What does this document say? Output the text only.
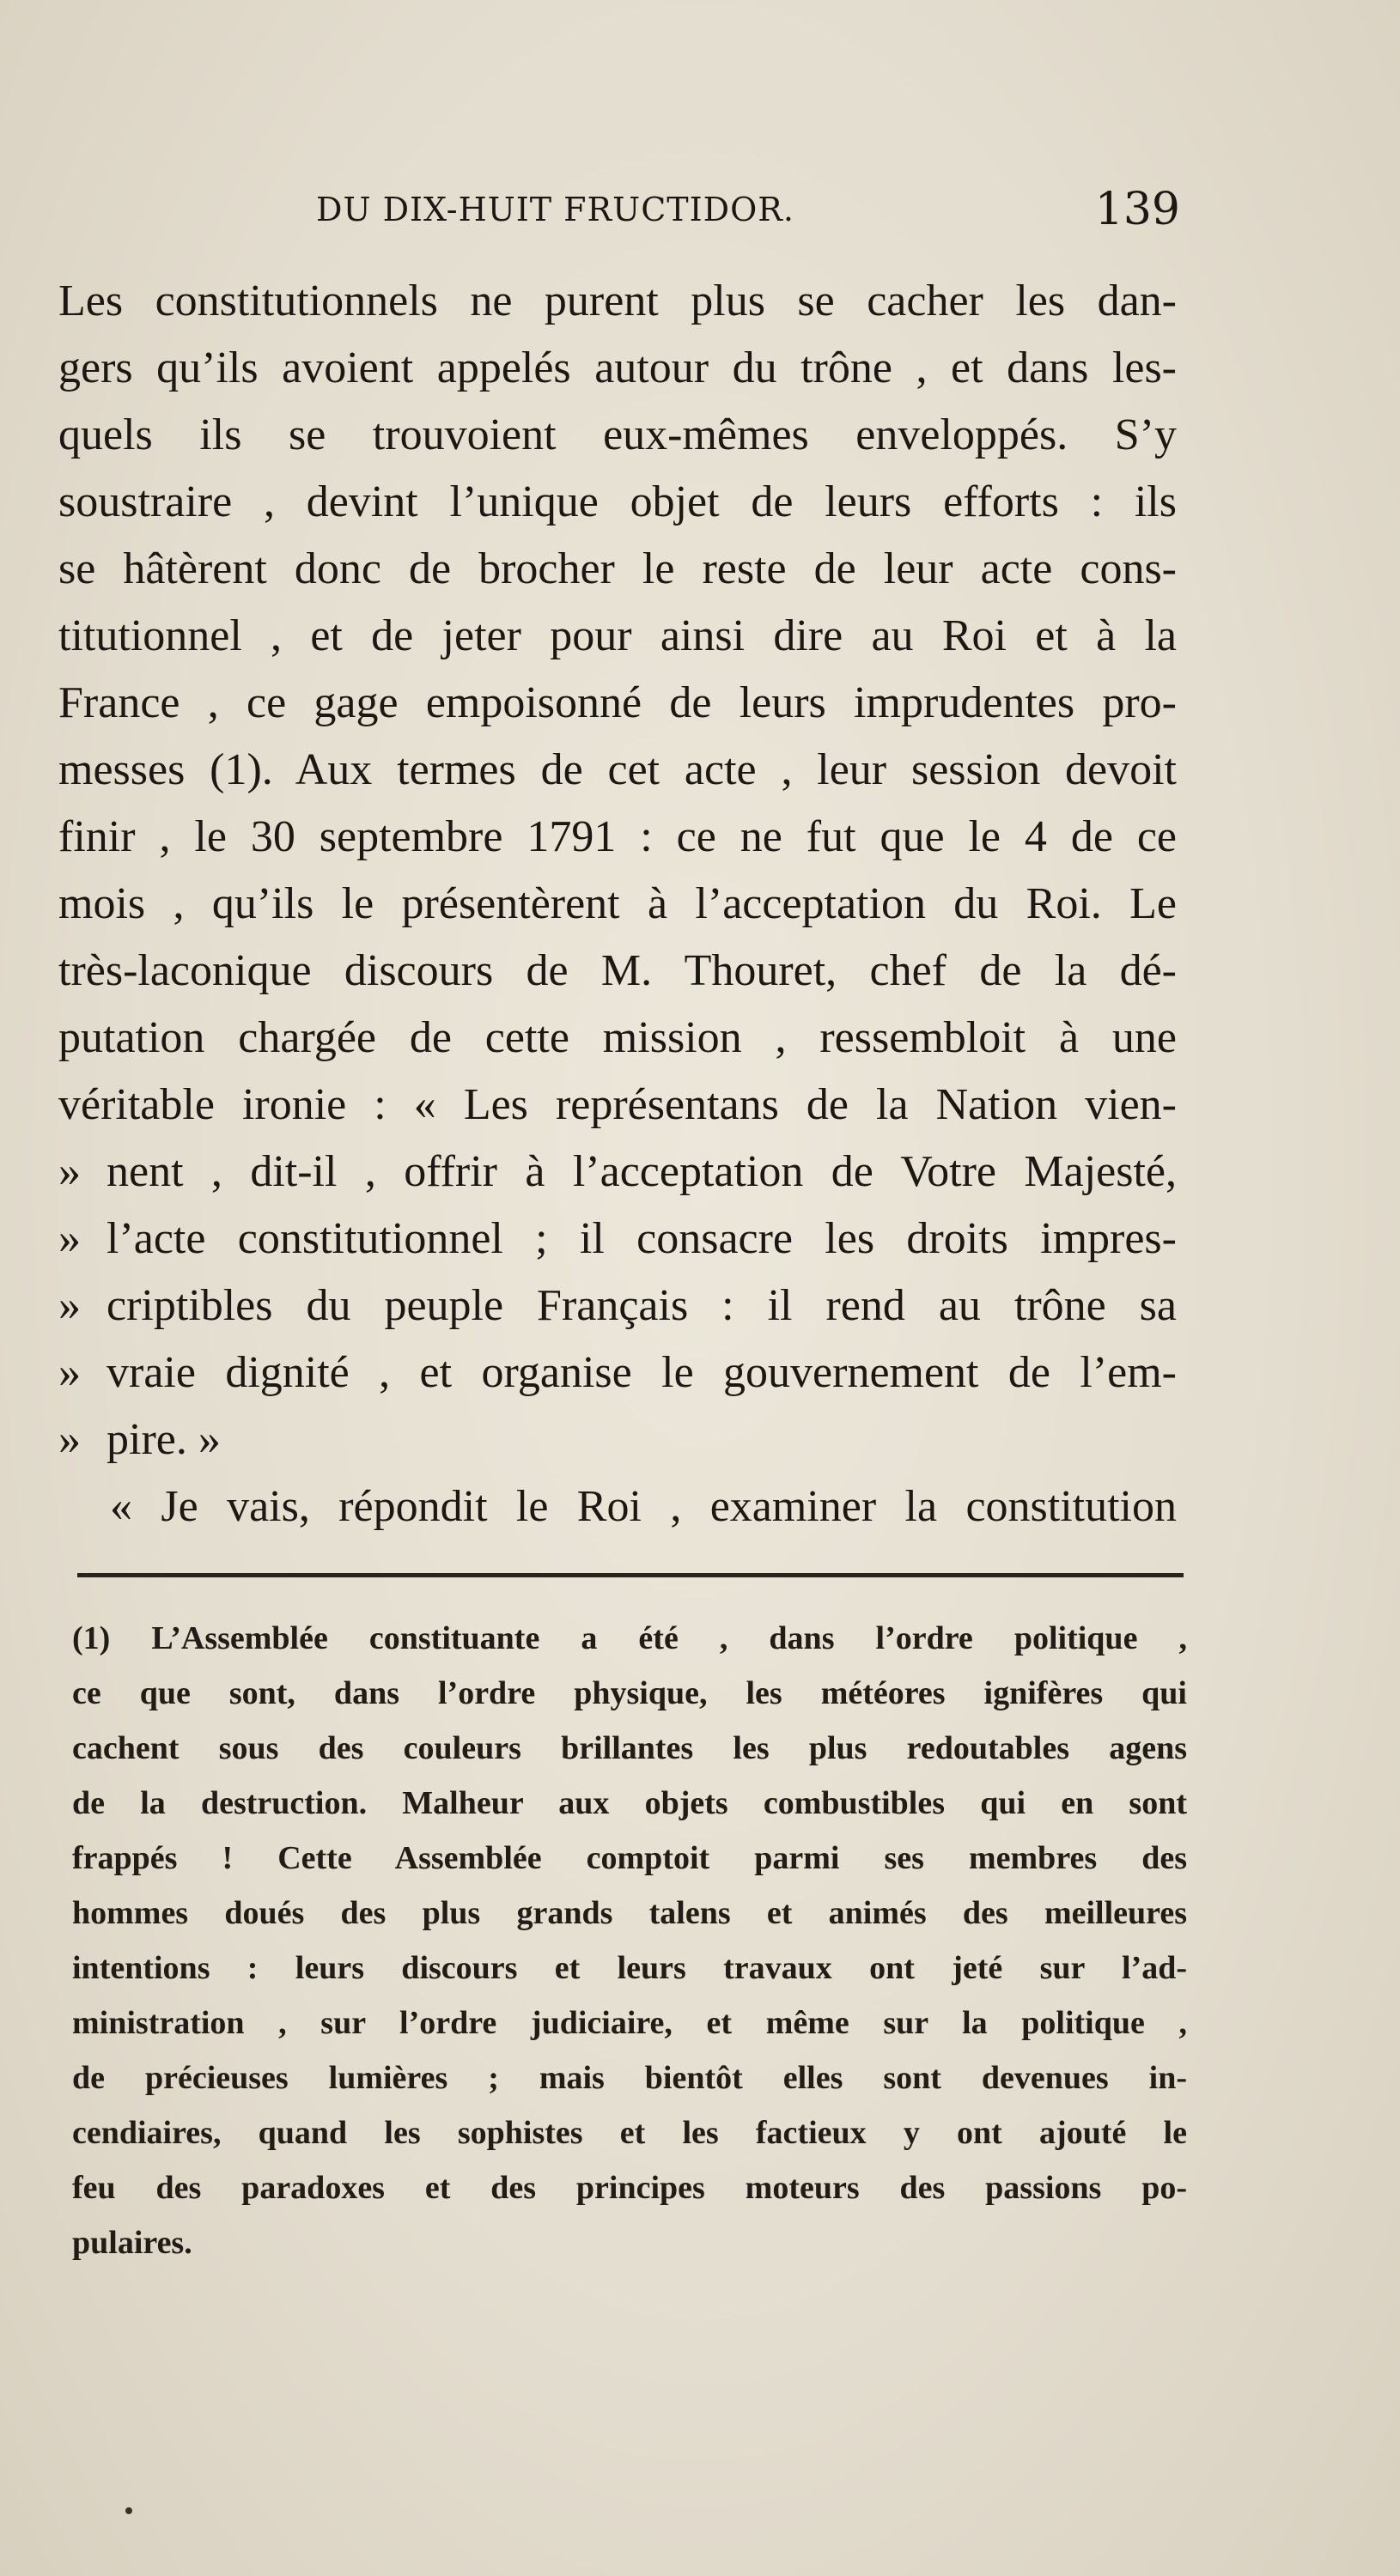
DU DIX-HUIT FRUCTIDOR.	139
Les constitutionnels ne purent plus se cacher les dan-
gers qu’ils avoient appelés autour du trône , et dans les-
quels ils se trouvoient eux-mêmes enveloppés. S’y
soustraire , devint l’unique objet de leurs efforts : ils
se hâtèrent donc de brocher le reste de leur acte cons-
titutionnel , et de jeter pour ainsi dire au Roi et à la
France , ce gage empoisonné de leurs imprudentes pro-
messes (1). Aux termes de cet acte , leur session devoit
finir , le 30 septembre 1791 : ce ne fut que le 4 de ce
mois , qu’ils le présentèrent à l’acceptation du Roi. Le
très-laconique discours de M. Thouret, chef de la dé-
putation chargée de cette mission , ressembloit à une
véritable ironie : « Les représentans de la Nation vien-
» nent , dit-il , offrir à l’acceptation de Votre Majesté,
» l’acte constitutionnel ; il consacre les droits impres-
» criptibles du peuple Français : il rend au trône sa
» vraie dignité , et organise le gouvernement de l’em-
» pire. »
« Je vais, répondit le Roi , examiner la constitution
(1) L’Assemblée constituante a été , dans l’ordre politique ,
ce que sont, dans l’ordre physique, les météores ignifères qui
cachent sous des couleurs brillantes les plus redoutables agens
de la destruction. Malheur aux objets combustibles qui en sont
frappés ! Cette Assemblée comptoit parmi ses membres des
hommes doués des plus grands talens et animés des meilleures
intentions : leurs discours et leurs travaux ont jeté sur l’ad-
ministration , sur l’ordre judiciaire, et même sur la politique ,
de précieuses lumières ; mais bientôt elles sont devenues in-
cendiaires, quand les sophistes et les factieux y ont ajouté le
feu des paradoxes et des principes moteurs des passions po-
pulaires.
